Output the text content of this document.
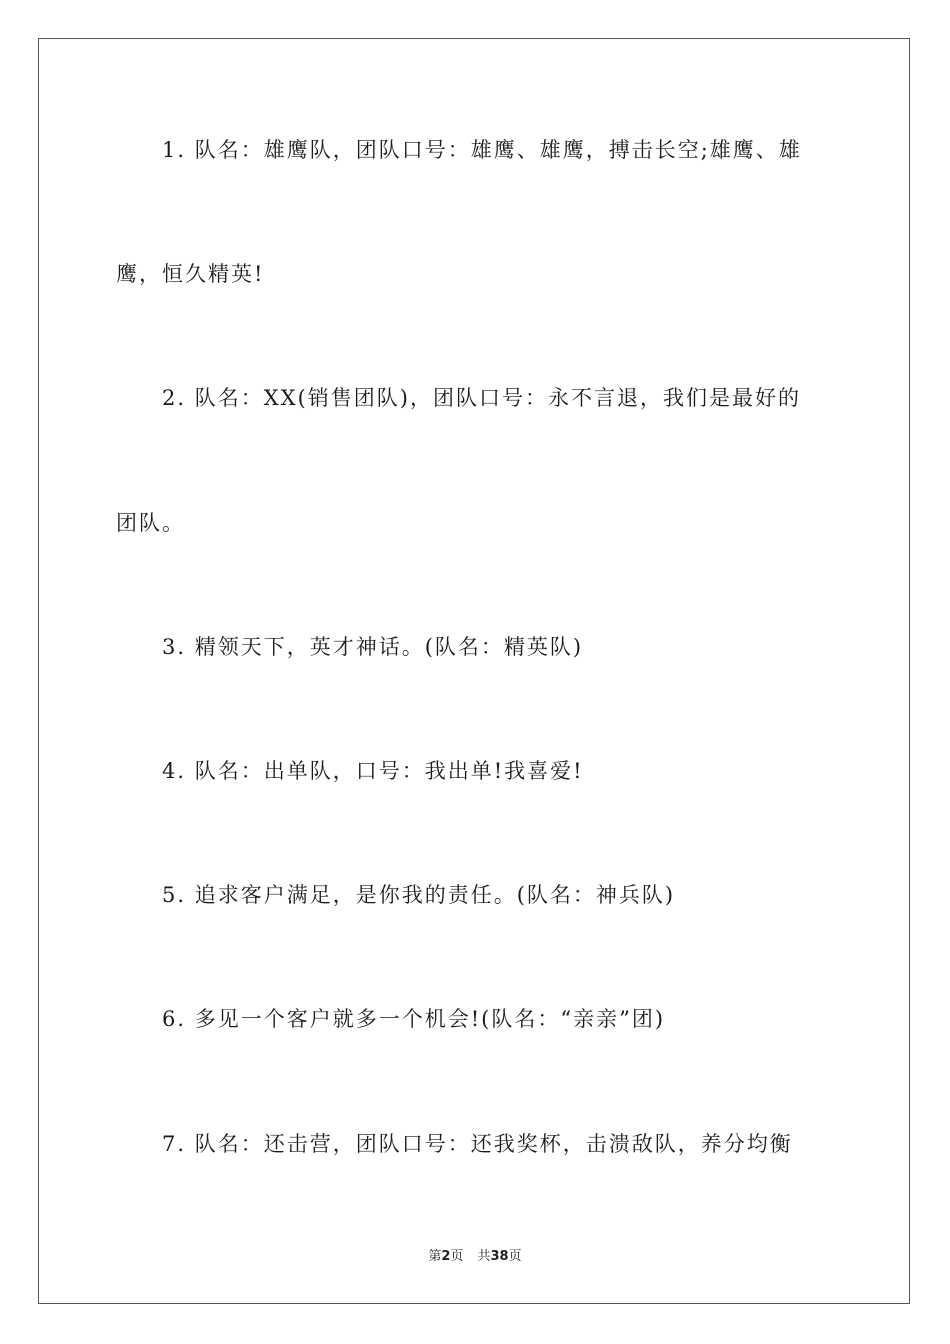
1. 队名：雄鹰队，团队口号：雄鹰、雄鹰，搏击长空;雄鹰、雄
鹰，恒久精英!
2. 队名：XX(销售团队)，团队口号：永不言退，我们是最好的
团队。
3. 精领天下，英才神话。(队名：精英队)
4. 队名：出单队，口号：我出单!我喜爱!
5. 追求客户满足，是你我的责任。(队名：神兵队)
6. 多见一个客户就多一个机会!(队名：“亲亲”团)
7. 队名：还击营，团队口号：还我奖杯，击溃敌队，养分均衡
第2页 共38页
